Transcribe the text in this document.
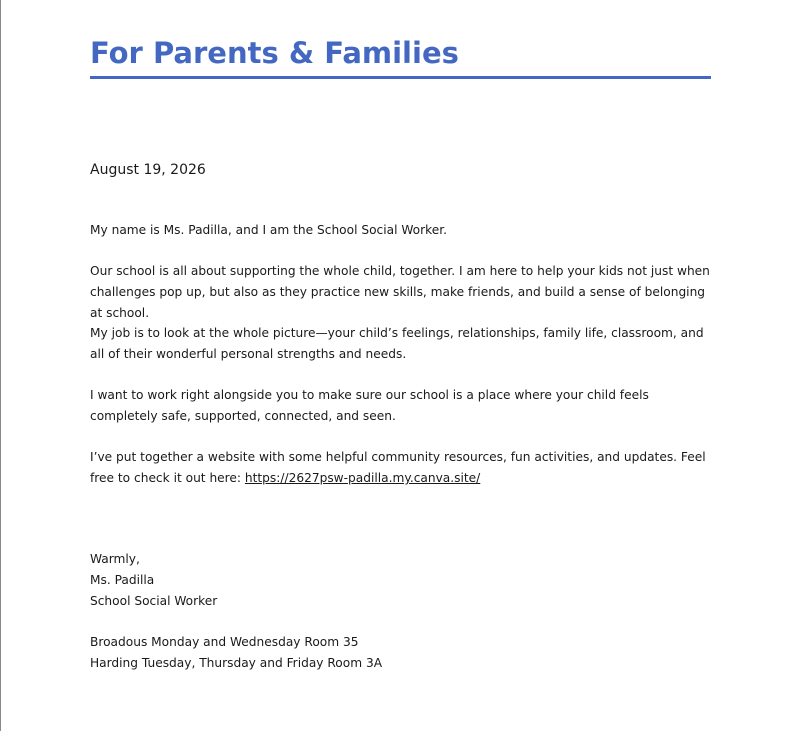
For Parents & Families
August 19, 2026

My name is Ms. Padilla, and I am the School Social Worker.

Our school is all about supporting the whole child, together. I am here to help your kids not just when challenges pop up, but also as they practice new skills, make friends, and build a sense of belonging at school.

My job is to look at the whole picture—your child’s feelings, relationships, family life, classroom, and all of their wonderful personal strengths and needs.

I want to work right alongside you to make sure our school is a place where your child feels completely safe, supported, connected, and seen.

I’ve put together a website with some helpful community resources, fun activities, and updates. Feel free to check it out here: https://2627psw-padilla.my.canva.site/

Warmly,
Ms. Padilla
School Social Worker
Broadous Monday and Wednesday Room 35
Harding Tuesday, Thursday and Friday Room 3A
